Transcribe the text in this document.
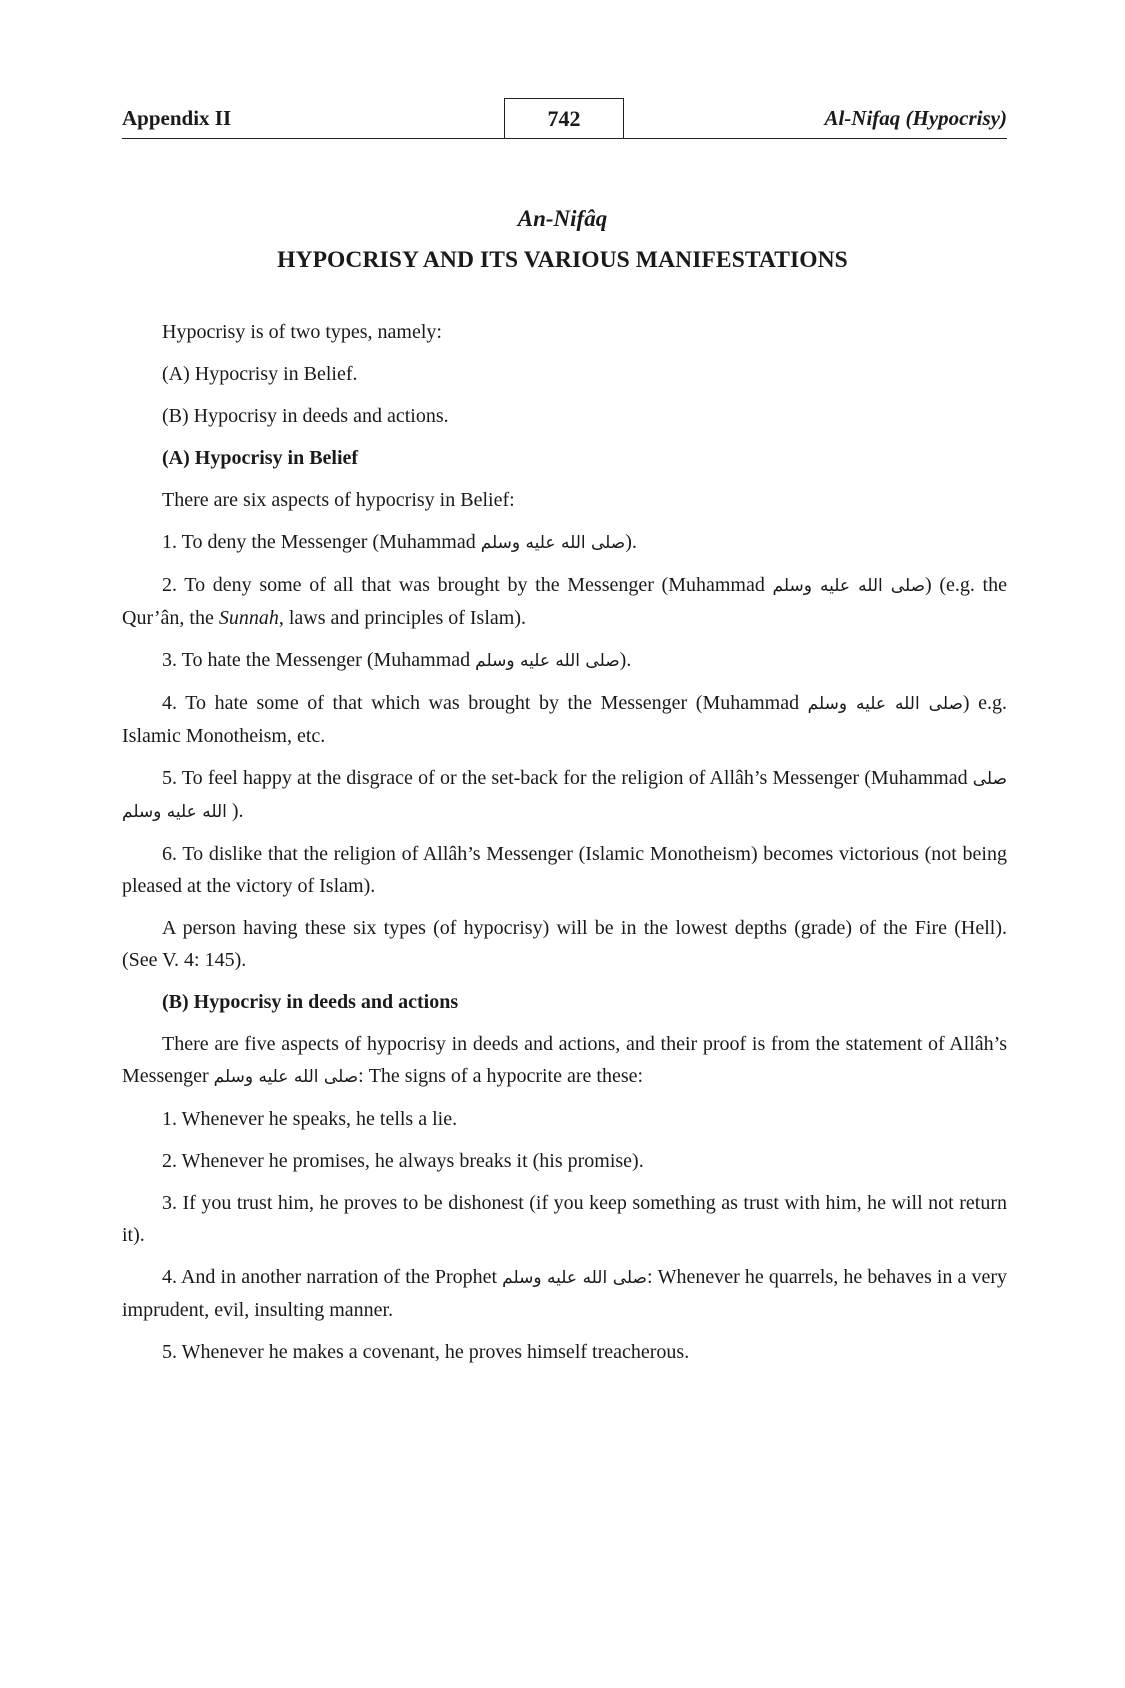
Appendix II	742	Al-Nifaq (Hypocrisy)
An-Nifâq
HYPOCRISY AND ITS VARIOUS MANIFESTATIONS

Hypocrisy is of two types, namely:

(A) Hypocrisy in Belief.

(B) Hypocrisy in deeds and actions.

(A) Hypocrisy in Belief

There are six aspects of hypocrisy in Belief:

1. To deny the Messenger (Muhammad صلى الله عليه وسلم).

2. To deny some of all that was brought by the Messenger (Muhammad صلى الله عليه وسلم) (e.g. the Qur’ân, the Sunnah, laws and principles of Islam).

3. To hate the Messenger (Muhammad صلى الله عليه وسلم).

4. To hate some of that which was brought by the Messenger (Muhammad صلى الله عليه وسلم) e.g. Islamic Monotheism, etc.

5. To feel happy at the disgrace of or the set-back for the religion of Allâh’s Messenger (Muhammad صلى الله عليه وسلم ).

6. To dislike that the religion of Allâh’s Messenger (Islamic Monotheism) becomes victorious (not being pleased at the victory of Islam).

A person having these six types (of hypocrisy) will be in the lowest depths (grade) of the Fire (Hell). (See V. 4: 145).

(B) Hypocrisy in deeds and actions

There are five aspects of hypocrisy in deeds and actions, and their proof is from the statement of Allâh’s Messenger صلى الله عليه وسلم: The signs of a hypocrite are these:

1. Whenever he speaks, he tells a lie.

2. Whenever he promises, he always breaks it (his promise).

3. If you trust him, he proves to be dishonest (if you keep something as trust with him, he will not return it).

4. And in another narration of the Prophet صلى الله عليه وسلم: Whenever he quarrels, he behaves in a very imprudent, evil, insulting manner.

5. Whenever he makes a covenant, he proves himself treacherous.
